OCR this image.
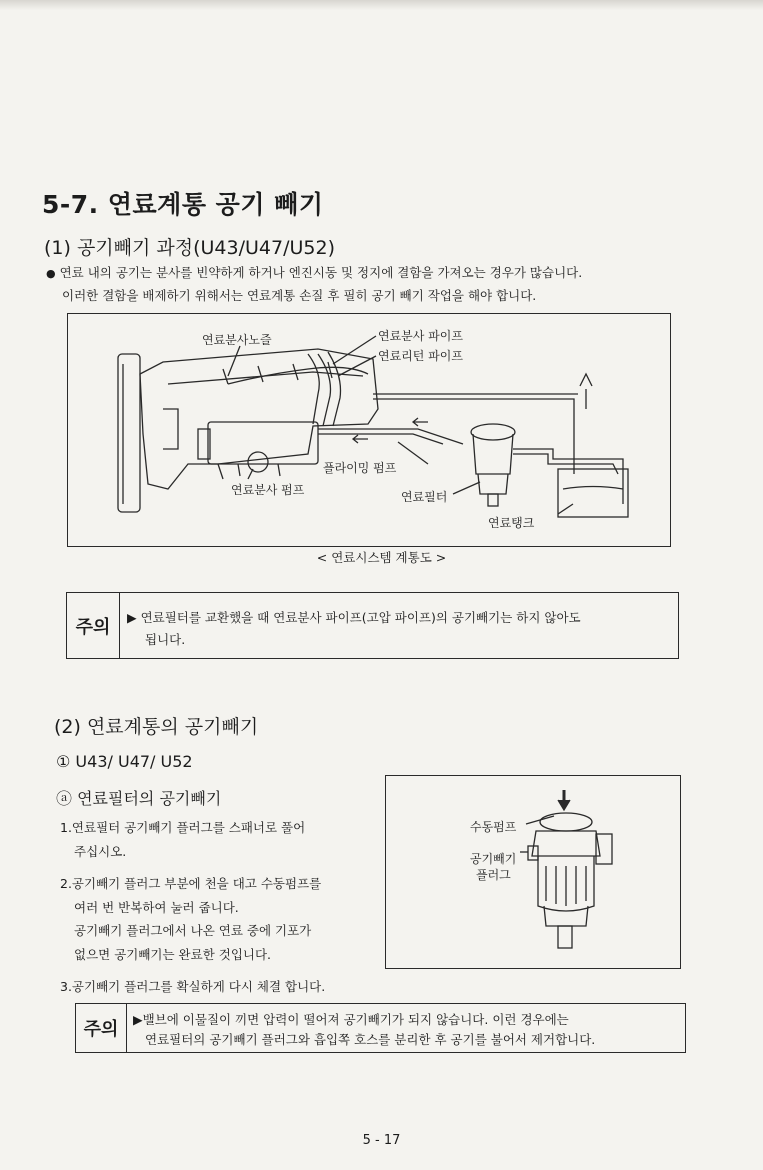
5-7. 연료계통 공기 빼기
(1) 공기빼기 과정(U43/U47/U52)
● 연료 내의 공기는 분사를 빈약하게 하거나 엔진시동 및 정지에 결함을 가져오는 경우가 많습니다.
이러한 결함을 배제하기 위해서는 연료계통 손질 후 필히 공기 빼기 작업을 해야 합니다.
연료분사노즐	연료분사 파이프
연료리턴 파이프
플라이밍 펌프
연료분사 펌프	연료필터
연료탱크
< 연료시스템 계통도 >
주의	▶ 연료필터를 교환했을 때 연료분사 파이프(고압 파이프)의 공기빼기는 하지 않아도
됩니다.
(2) 연료계통의 공기빼기
① U43/ U47/ U52
ⓐ 연료필터의 공기빼기
1.연료필터 공기빼기 플러그를 스패너로 풀어
주십시오.
2.공기빼기 플러그 부분에 천을 대고 수동펌프를
여러 번 반복하여 눌러 줍니다.
공기빼기 플러그에서 나온 연료 중에 기포가
없으면 공기빼기는 완료한 것입니다.
3.공기빼기 플러그를 확실하게 다시 체결 합니다.
수동펌프
공기빼기
플러그
주의	▶밸브에 이물질이 끼면 압력이 떨어져 공기빼기가 되지 않습니다. 이런 경우에는
연료필터의 공기빼기 플러그와 흡입쪽 호스를 분리한 후 공기를 불어서 제거합니다.
5 - 17
